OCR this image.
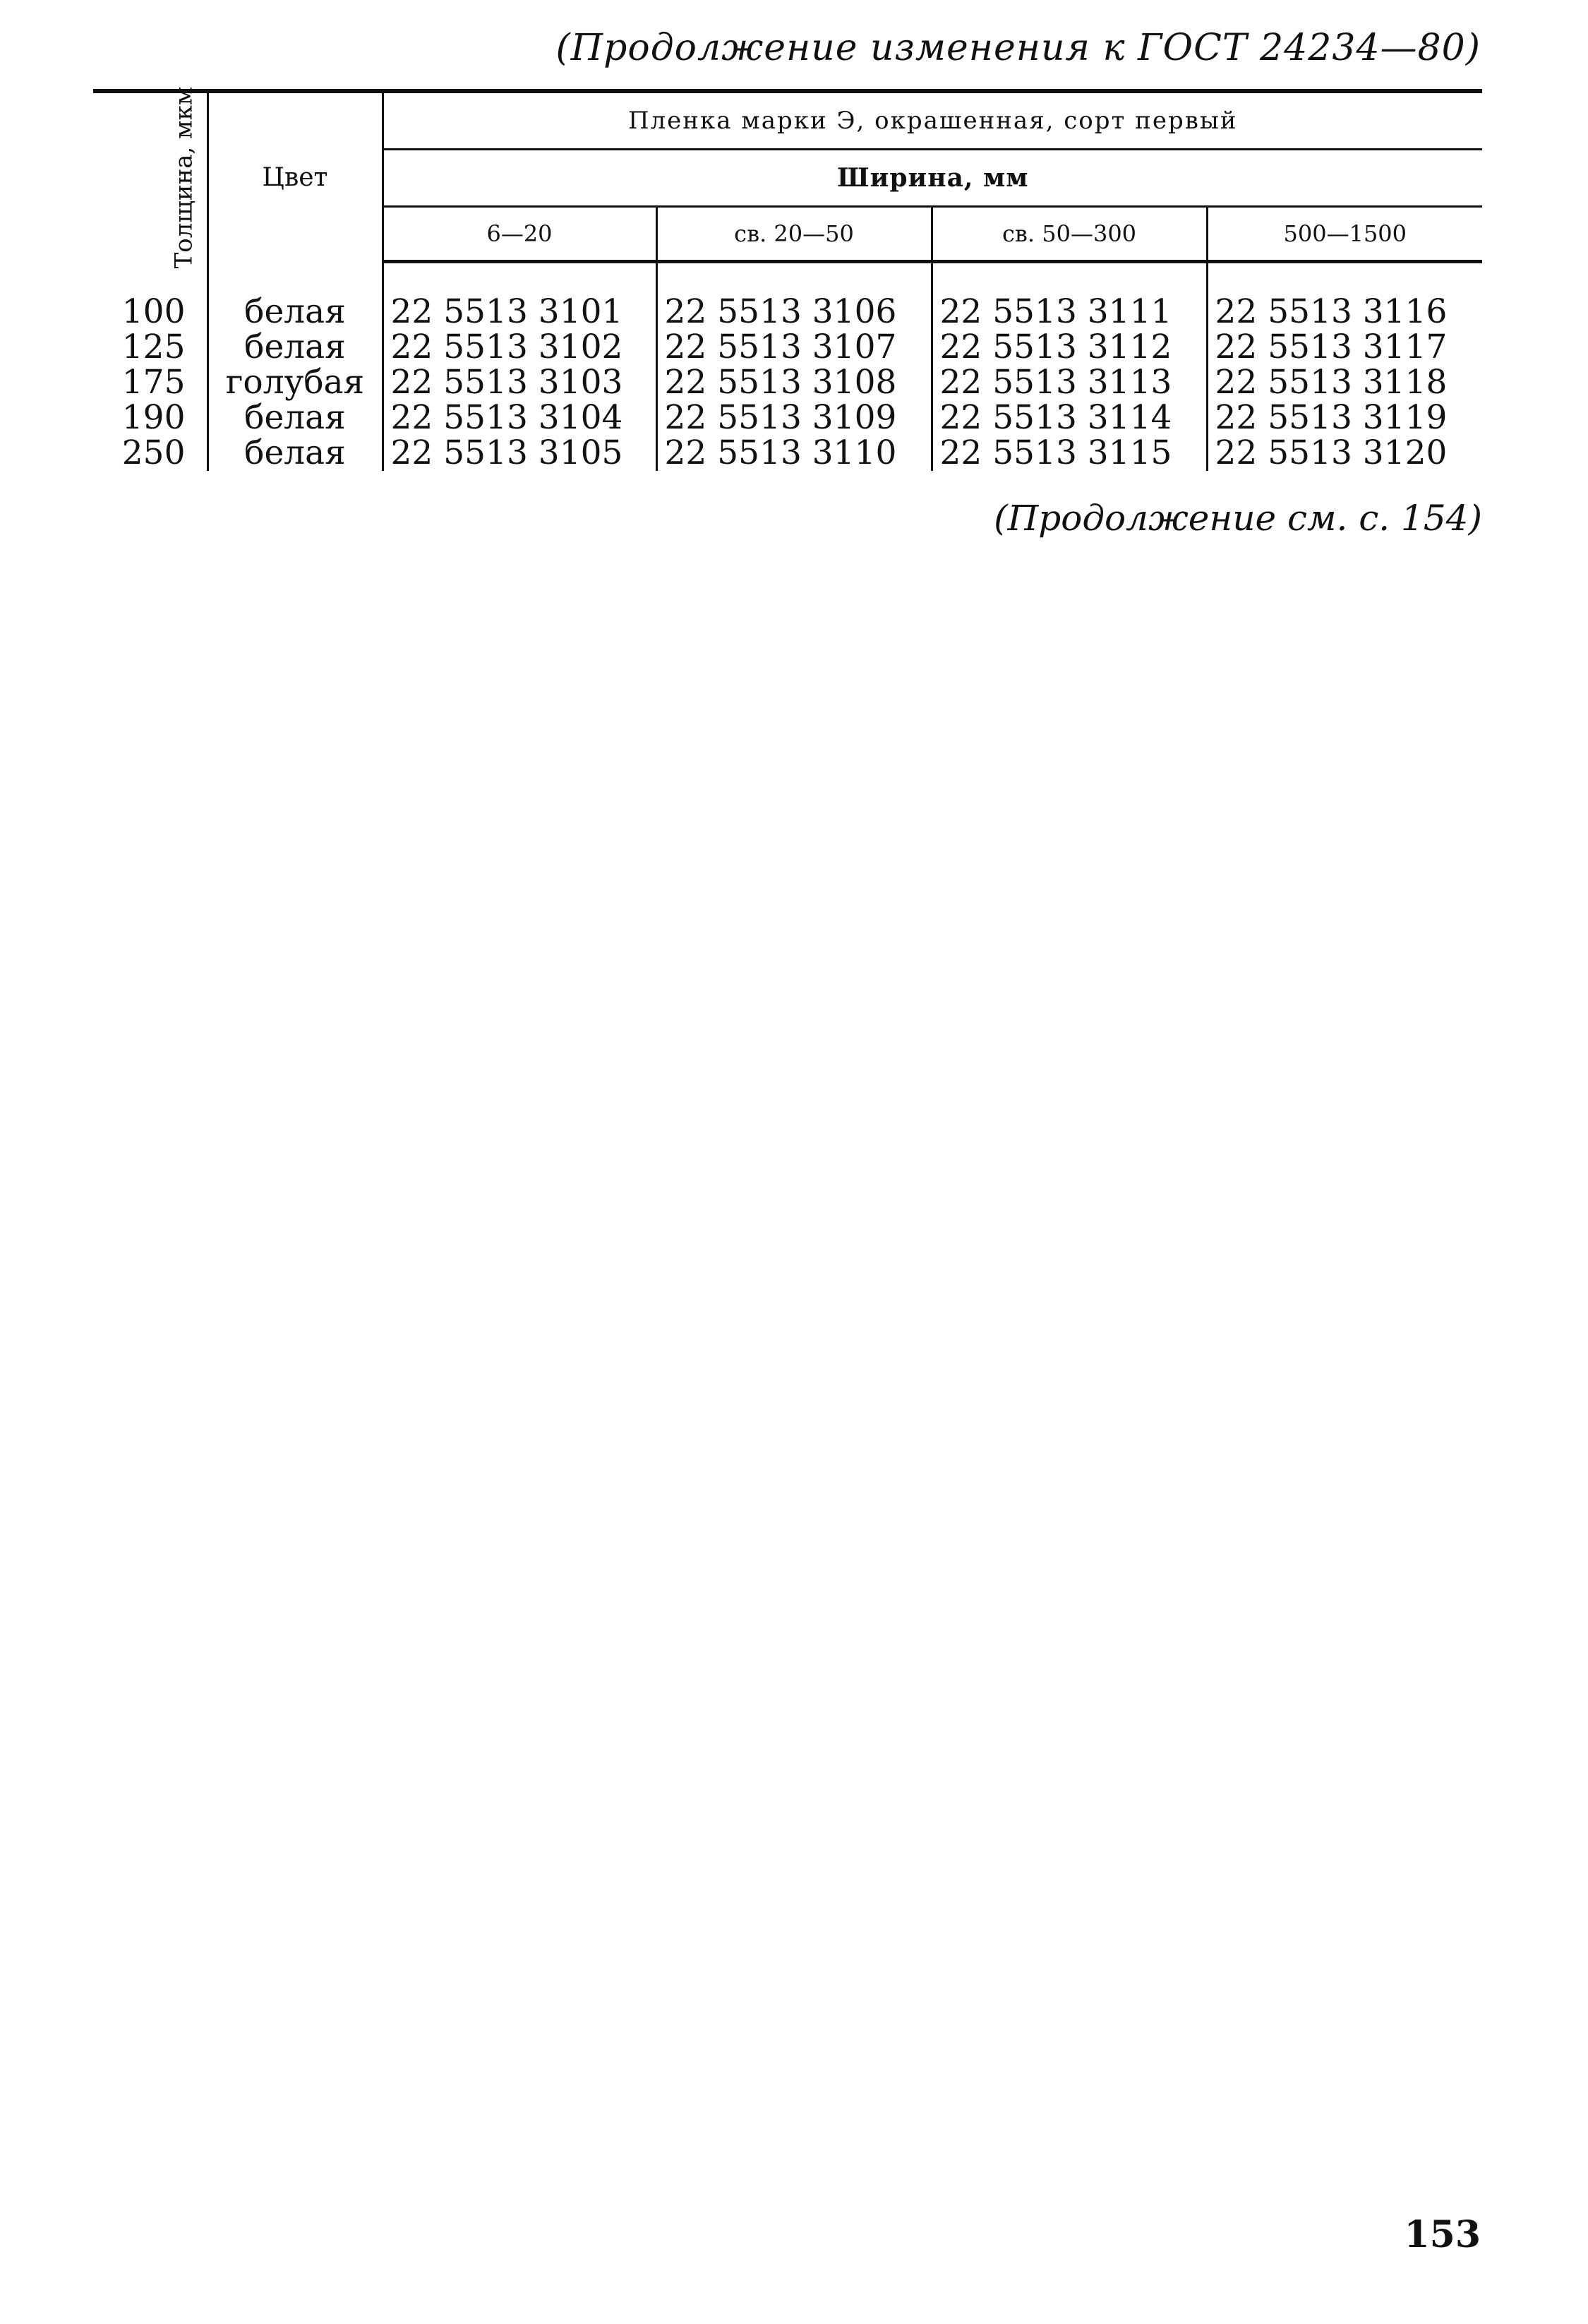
(Продолжение изменения к ГОСТ 24234—80)
Толщина, мкм	Цвет	Пленка марки Э, окрашенная, сорт первый			
		Ширина, мм			
		6—20	св. 20—50	св. 50—300	500—1500

100	белая	22 5513 3101	22 5513 3106	22 5513 3111	22 5513 3116
125	белая	22 5513 3102	22 5513 3107	22 5513 3112	22 5513 3117
175	голубая	22 5513 3103	22 5513 3108	22 5513 3113	22 5513 3118
190	белая	22 5513 3104	22 5513 3109	22 5513 3114	22 5513 3119
250	белая	22 5513 3105	22 5513 3110	22 5513 3115	22 5513 3120
(Продолжение см. с. 154)
153
